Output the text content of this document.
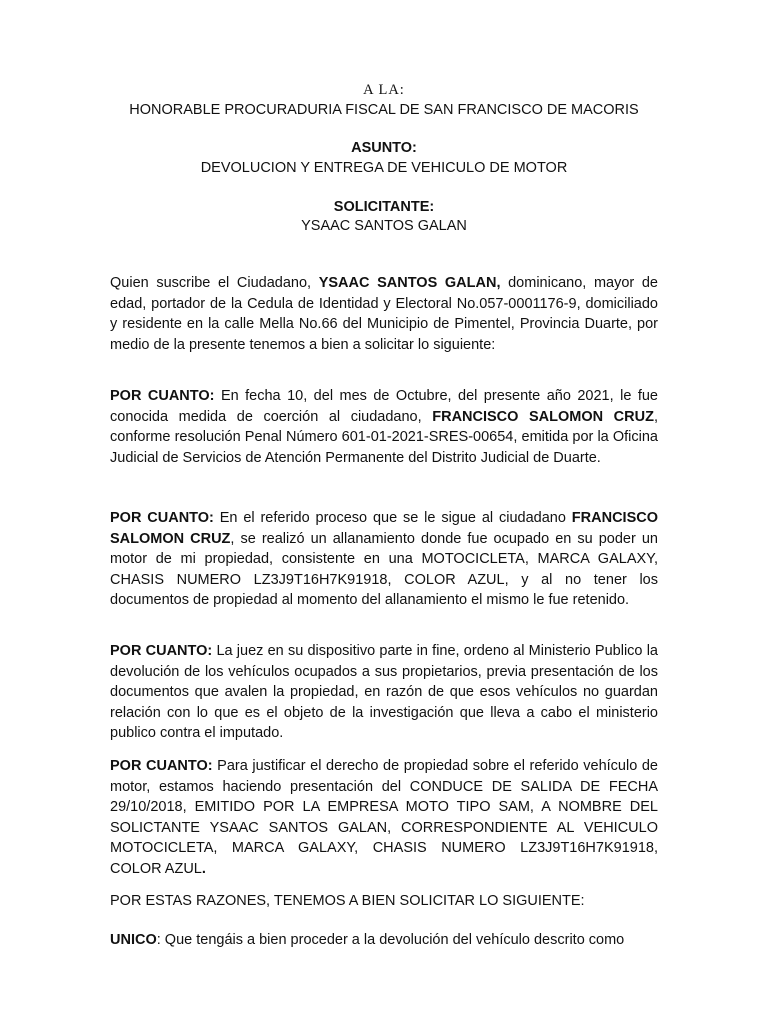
A LA:
HONORABLE PROCURADURIA FISCAL DE SAN FRANCISCO DE MACORIS
ASUNTO:
DEVOLUCION Y ENTREGA DE VEHICULO DE MOTOR
SOLICITANTE:
YSAAC SANTOS GALAN

Quien suscribe el Ciudadano, YSAAC SANTOS GALAN, dominicano, mayor de edad, portador de la Cedula de Identidad y Electoral No.057-0001176-9, domiciliado y residente en la calle Mella No.66 del Municipio de Pimentel, Provincia Duarte, por medio de la presente tenemos a bien a solicitar lo siguiente:

POR CUANTO: En fecha 10, del mes de Octubre, del presente año 2021, le fue conocida medida de coerción al ciudadano, FRANCISCO SALOMON CRUZ, conforme resolución Penal Número 601-01-2021-SRES-00654, emitida por la Oficina Judicial de Servicios de Atención Permanente del Distrito Judicial de Duarte.

POR CUANTO: En el referido proceso que se le sigue al ciudadano FRANCISCO SALOMON CRUZ, se realizó un allanamiento donde fue ocupado en su poder un motor de mi propiedad, consistente en una MOTOCICLETA, MARCA GALAXY, CHASIS NUMERO LZ3J9T16H7K91918, COLOR AZUL, y al no tener los documentos de propiedad al momento del allanamiento el mismo le fue retenido.

POR CUANTO: La juez en su dispositivo parte in fine, ordeno al Ministerio Publico la devolución de los vehículos ocupados a sus propietarios, previa presentación de los documentos que avalen la propiedad, en razón de que esos vehículos no guardan relación con lo que es el objeto de la investigación que lleva a cabo el ministerio publico contra el imputado.

POR CUANTO: Para justificar el derecho de propiedad sobre el referido vehículo de motor, estamos haciendo presentación del CONDUCE DE SALIDA DE FECHA 29/10/2018, EMITIDO POR LA EMPRESA MOTO TIPO SAM, A NOMBRE DEL SOLICTANTE YSAAC SANTOS GALAN, CORRESPONDIENTE AL VEHICULO MOTOCICLETA, MARCA GALAXY, CHASIS NUMERO LZ3J9T16H7K91918, COLOR AZUL.

POR ESTAS RAZONES, TENEMOS A BIEN SOLICITAR LO SIGUIENTE:

UNICO: Que tengáis a bien proceder a la devolución del vehículo descrito como
